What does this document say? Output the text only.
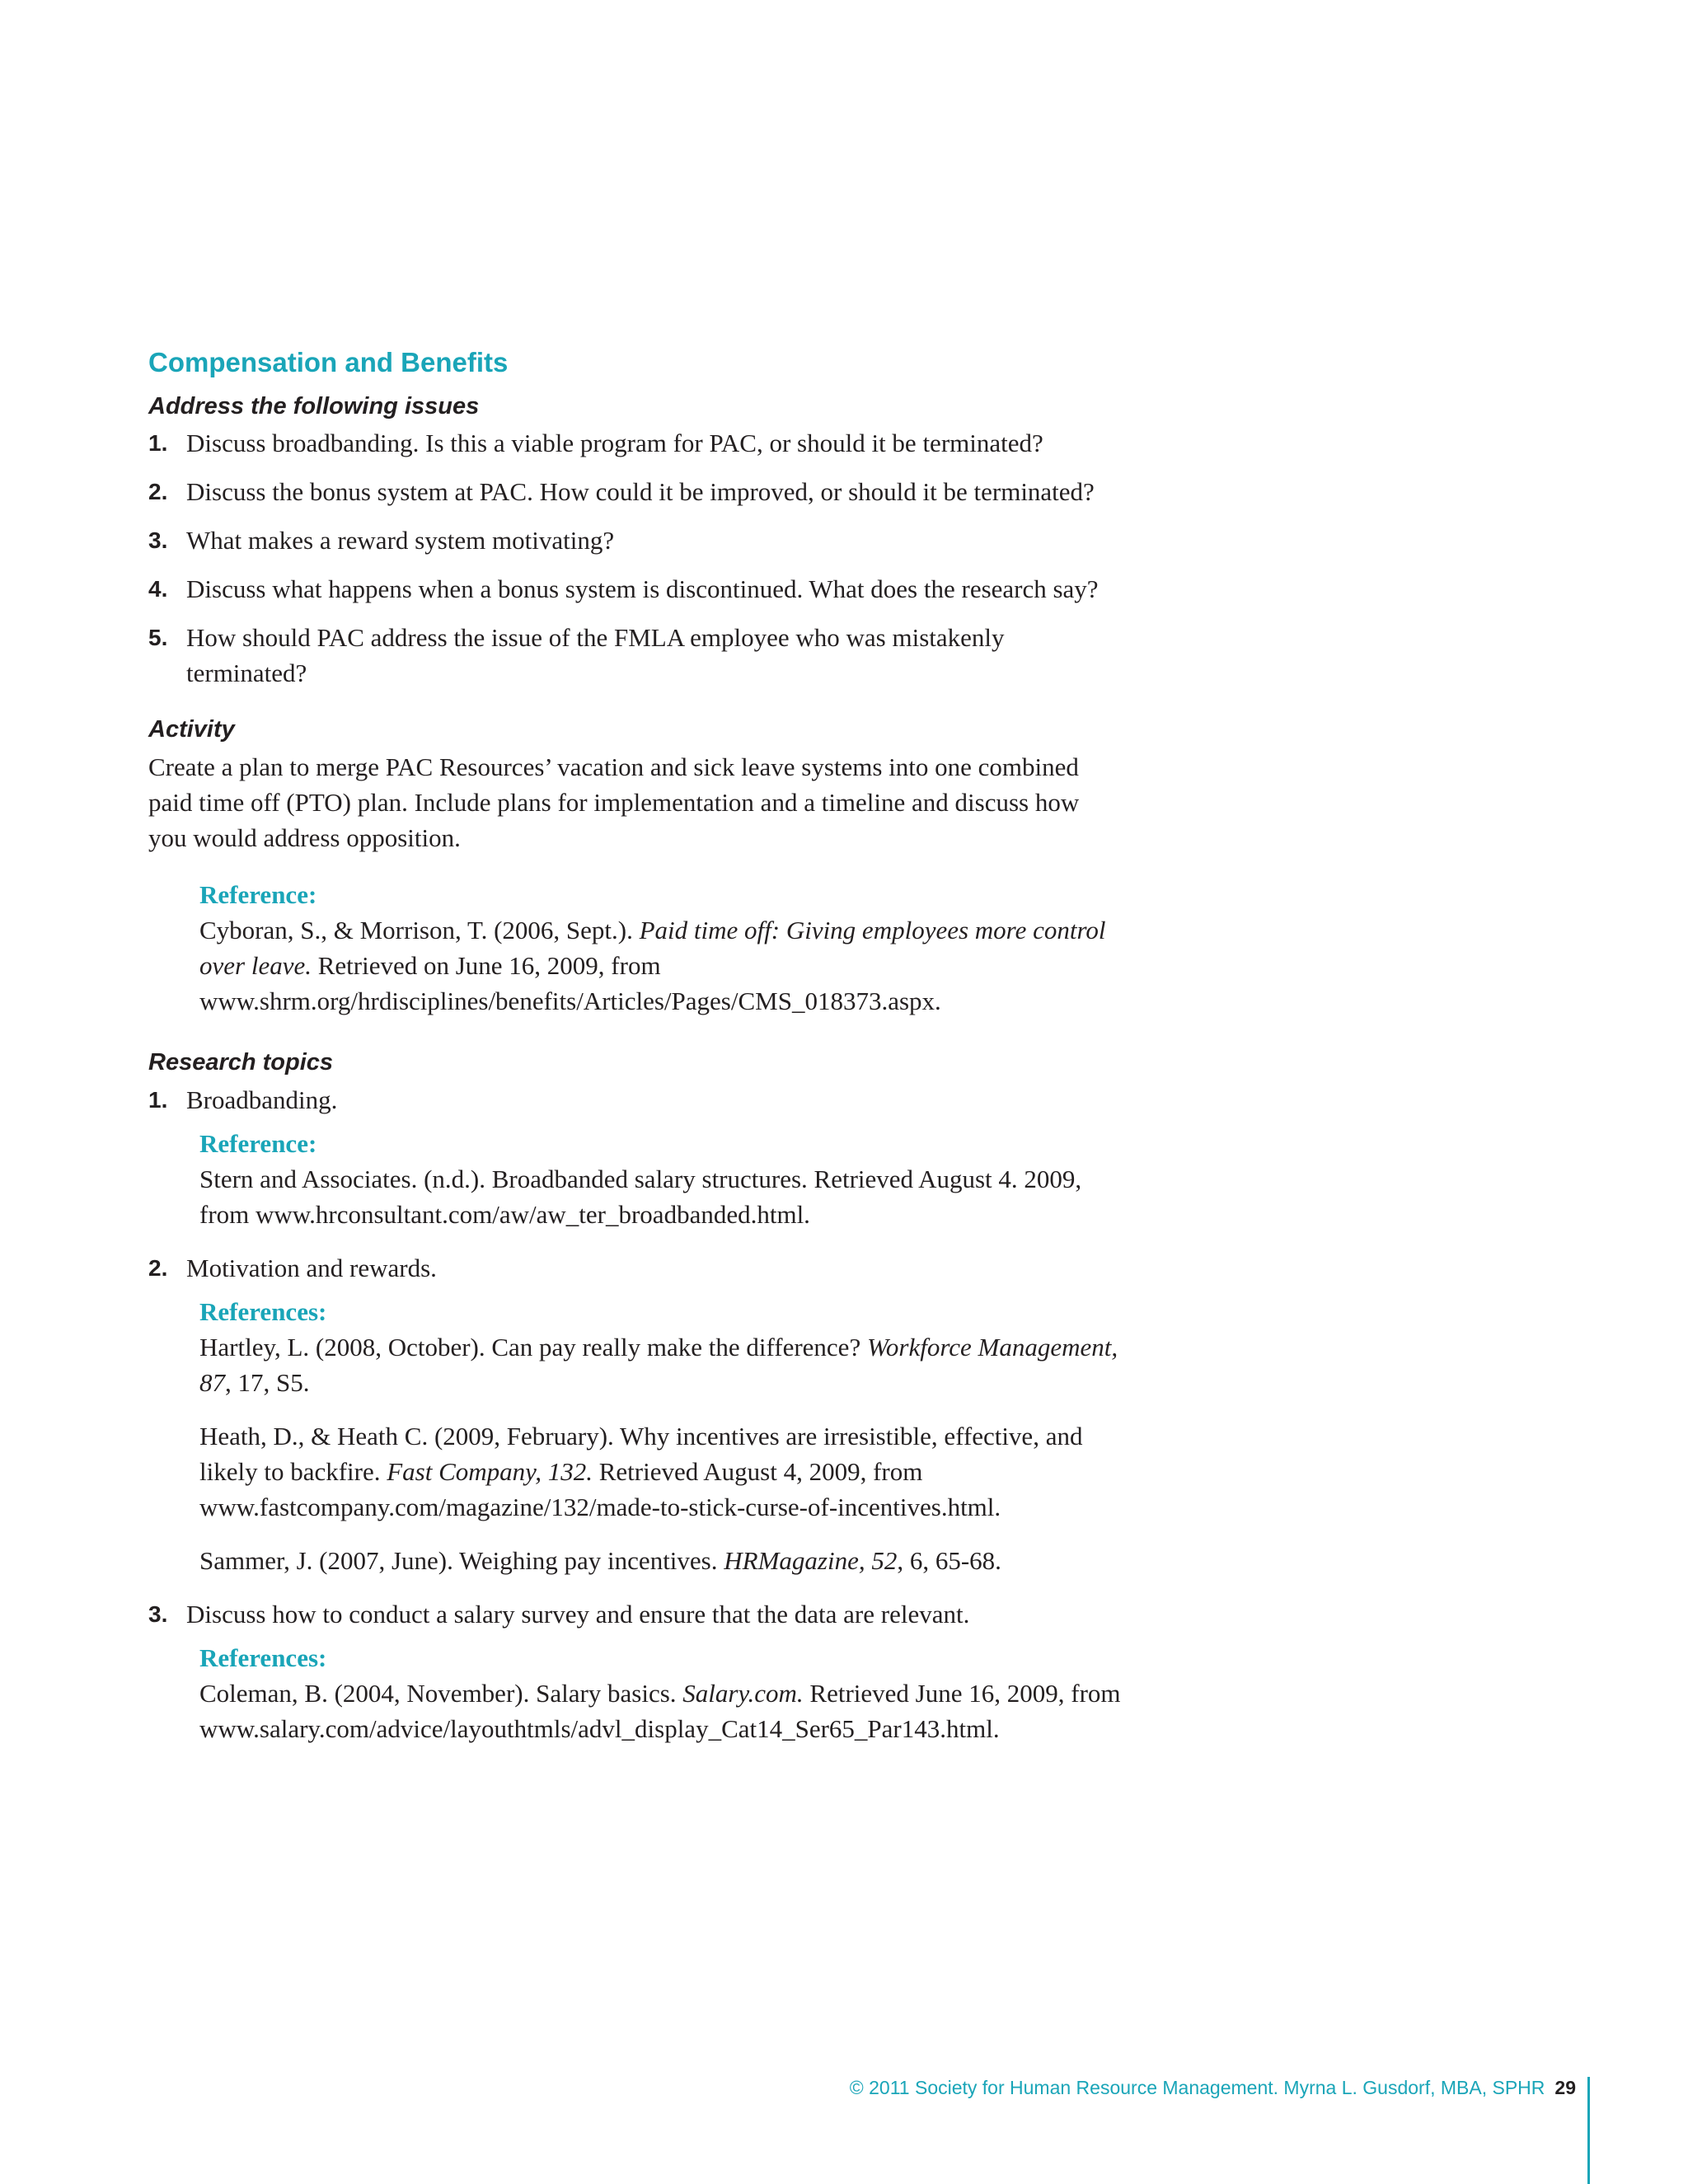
Compensation and Benefits
Address the following issues
1. Discuss broadbanding. Is this a viable program for PAC, or should it be terminated?
2. Discuss the bonus system at PAC. How could it be improved, or should it be terminated?
3. What makes a reward system motivating?
4. Discuss what happens when a bonus system is discontinued. What does the research say?
5. How should PAC address the issue of the FMLA employee who was mistakenly terminated?
Activity
Create a plan to merge PAC Resources’ vacation and sick leave systems into one combined paid time off (PTO) plan. Include plans for implementation and a timeline and discuss how you would address opposition.
Reference:
Cyboran, S., & Morrison, T. (2006, Sept.). Paid time off: Giving employees more control over leave. Retrieved on June 16, 2009, from www.shrm.org/hrdisciplines/benefits/Articles/Pages/CMS_018373.aspx.
Research topics
1. Broadbanding.
Reference:
Stern and Associates. (n.d.). Broadbanded salary structures. Retrieved August 4. 2009, from www.hrconsultant.com/aw/aw_ter_broadbanded.html.
2. Motivation and rewards.
References:
Hartley, L. (2008, October). Can pay really make the difference? Workforce Management, 87, 17, S5.
Heath, D., & Heath C. (2009, February). Why incentives are irresistible, effective, and likely to backfire. Fast Company, 132. Retrieved August 4, 2009, from www.fastcompany.com/magazine/132/made-to-stick-curse-of-incentives.html.
Sammer, J. (2007, June). Weighing pay incentives. HRMagazine, 52, 6, 65-68.
3. Discuss how to conduct a salary survey and ensure that the data are relevant.
References:
Coleman, B. (2004, November). Salary basics. Salary.com. Retrieved June 16, 2009, from www.salary.com/advice/layouthtmls/advl_display_Cat14_Ser65_Par143.html.
© 2011 Society for Human Resource Management. Myrna L. Gusdorf, MBA, SPHR 29
